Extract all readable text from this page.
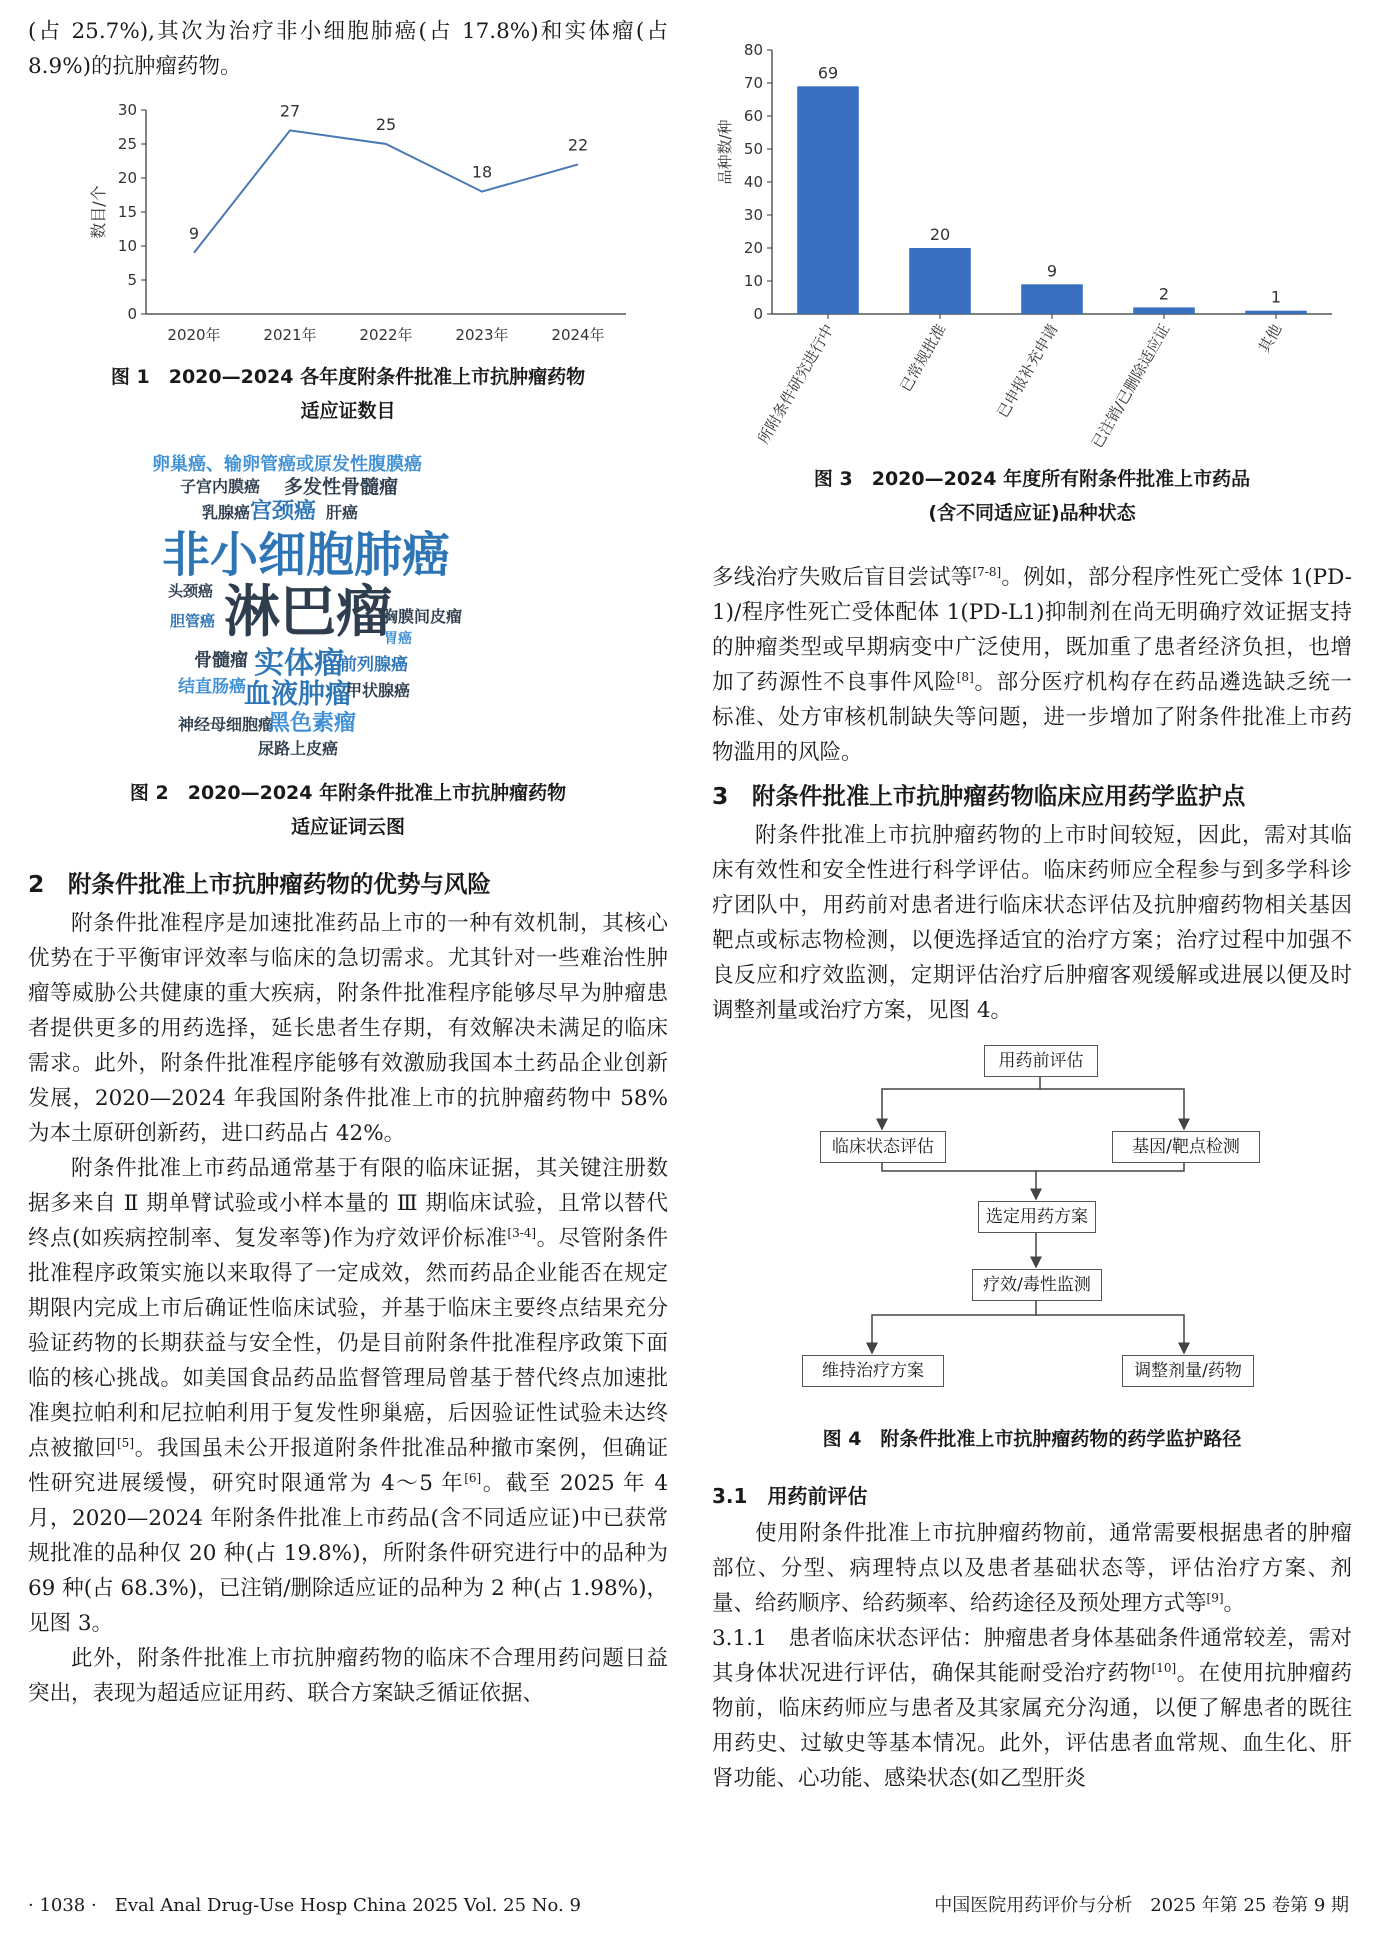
(占 25.7%),其次为治疗非小细胞肺癌(占 17.8%)和实体瘤(占 8.9%)的抗肿瘤药物。

0
5
10
15
20
25
30
2020年	2021年	2022年	2023年	2024年
数目/个	9
27
25
18
22
图 1　2020—2024 各年度附条件批准上市抗肿瘤药物
适应证数目
卵巢癌、输卵管癌或原发性腹膜癌
子宫内膜癌 多发性骨髓瘤
乳腺癌 宫颈癌 肝癌
非小细胞肺癌
头颈癌 淋巴瘤
胆管癌	胸膜间皮瘤
胃癌
骨髓瘤 实体瘤
前列腺癌
结直肠癌
血液肿瘤
甲状腺癌
神经母细胞瘤
黑色素瘤
尿路上皮癌
图 2　2020—2024 年附条件批准上市抗肿瘤药物
适应证词云图
2　附条件批准上市抗肿瘤药物的优势与风险

附条件批准程序是加速批准药品上市的一种有效机制，其核心优势在于平衡审评效率与临床的急切需求。尤其针对一些难治性肿瘤等威胁公共健康的重大疾病，附条件批准程序能够尽早为肿瘤患者提供更多的用药选择，延长患者生存期，有效解决未满足的临床需求。此外，附条件批准程序能够有效激励我国本土药品企业创新发展，2020—2024 年我国附条件批准上市的抗肿瘤药物中 58% 为本土原研创新药，进口药品占 42%。

附条件批准上市药品通常基于有限的临床证据，其关键注册数据多来自 Ⅱ 期单臂试验或小样本量的 Ⅲ 期临床试验，且常以替代终点(如疾病控制率、复发率等)作为疗效评价标准[3-4]。尽管附条件批准程序政策实施以来取得了一定成效，然而药品企业能否在规定期限内完成上市后确证性临床试验，并基于临床主要终点结果充分验证药物的长期获益与安全性，仍是目前附条件批准程序政策下面临的核心挑战。如美国食品药品监督管理局曾基于替代终点加速批准奥拉帕利和尼拉帕利用于复发性卵巢癌，后因验证性试验未达终点被撤回[5]。我国虽未公开报道附条件批准品种撤市案例，但确证性研究进展缓慢，研究时限通常为 4～5 年[6]。截至 2025 年 4 月，2020—2024 年附条件批准上市药品(含不同适应证)中已获常规批准的品种仅 20 种(占 19.8%)，所附条件研究进行中的品种为 69 种(占 68.3%)，已注销/删除适应证的品种为 2 种(占 1.98%)，见图 3。

此外，附条件批准上市抗肿瘤药物的临床不合理用药问题日益突出，表现为超适应证用药、联合方案缺乏循证依据、

0
10
20
30
40
50
60
70
80
品种数/种
所附条件研究进行中	已常规批准	已申报补充申请 已注销/已删除适应证	其他
69
20
9
2	1
图 3　2020—2024 年度所有附条件批准上市药品
(含不同适应证)品种状态

多线治疗失败后盲目尝试等[7-8]。例如，部分程序性死亡受体 1(PD-1)/程序性死亡受体配体 1(PD-L1)抑制剂在尚无明确疗效证据支持的肿瘤类型或早期病变中广泛使用，既加重了患者经济负担，也增加了药源性不良事件风险[8]。部分医疗机构存在药品遴选缺乏统一标准、处方审核机制缺失等问题，进一步增加了附条件批准上市药物滥用的风险。

3　附条件批准上市抗肿瘤药物临床应用药学监护点

附条件批准上市抗肿瘤药物的上市时间较短，因此，需对其临床有效性和安全性进行科学评估。临床药师应全程参与到多学科诊疗团队中，用药前对患者进行临床状态评估及抗肿瘤药物相关基因靶点或标志物检测，以便选择适宜的治疗方案；治疗过程中加强不良反应和疗效监测，定期评估治疗后肿瘤客观缓解或进展以便及时调整剂量或治疗方案，见图 4。

用药前评估
临床状态评估	基因/靶点检测
选定用药方案
疗效/毒性监测
维持治疗方案	调整剂量/药物
图 4　附条件批准上市抗肿瘤药物的药学监护路径
3.1　用药前评估

使用附条件批准上市抗肿瘤药物前，通常需要根据患者的肿瘤部位、分型、病理特点以及患者基础状态等，评估治疗方案、剂量、给药顺序、给药频率、给药途径及预处理方式等[9]。

3.1.1　患者临床状态评估：肿瘤患者身体基础条件通常较差，需对其身体状况进行评估，确保其能耐受治疗药物[10]。在使用抗肿瘤药物前，临床药师应与患者及其家属充分沟通，以便了解患者的既往用药史、过敏史等基本情况。此外，评估患者血常规、血生化、肝肾功能、心功能、感染状态(如乙型肝炎

· 1038 ·　Eval Anal Drug-Use Hosp China 2025 Vol. 25 No. 9	中国医院用药评价与分析　2025 年第 25 卷第 9 期
